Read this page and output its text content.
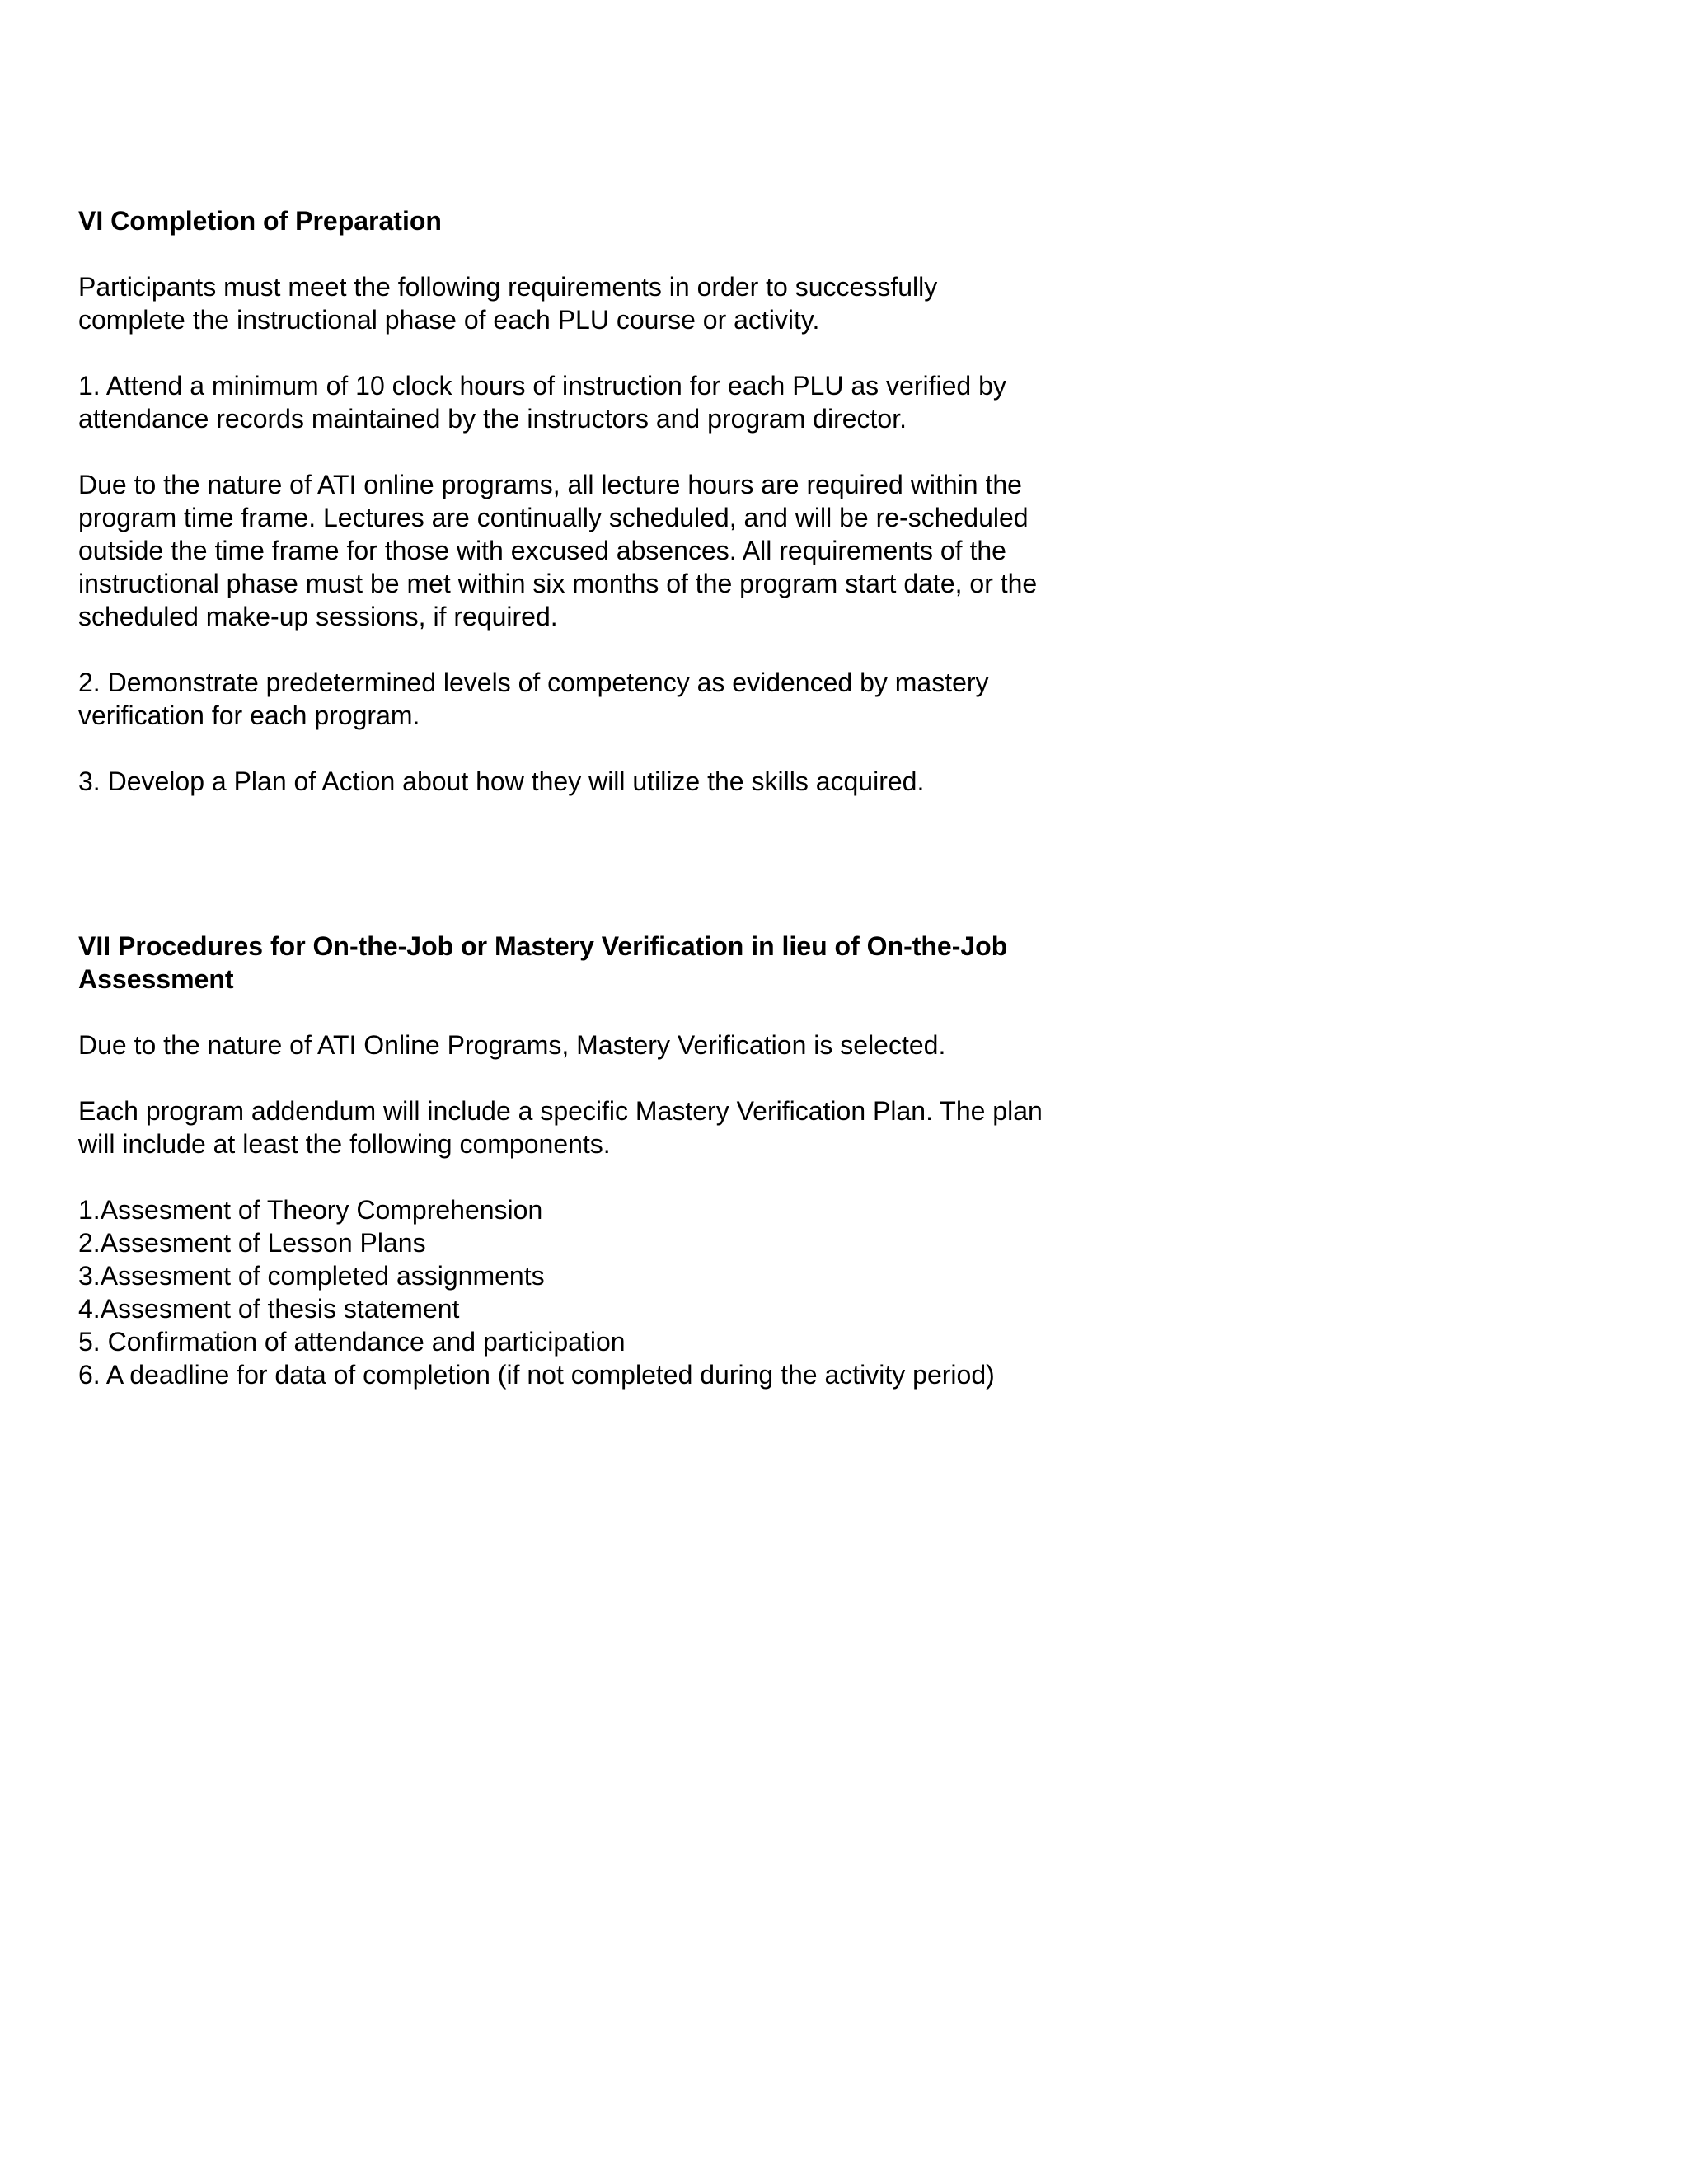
VI Completion of Preparation

Participants must meet the following requirements in order to successfully complete the instructional phase of each PLU course or activity.

1. Attend a minimum of 10 clock hours of instruction for each PLU as verified by attendance records maintained by the instructors and program director.

Due to the nature of ATI online programs, all lecture hours are required within the program time frame. Lectures are continually scheduled, and will be re-scheduled outside the time frame for those with excused absences. All requirements of the instructional phase must be met within six months of the program start date, or the scheduled make-up sessions, if required.

2. Demonstrate predetermined levels of competency as evidenced by mastery verification for each program.

3. Develop a Plan of Action about how they will utilize the skills acquired.

VII Procedures for On-the-Job or Mastery Verification in lieu of On-the-Job Assessment

Due to the nature of ATI Online Programs, Mastery Verification is selected.

Each program addendum will include a specific Mastery Verification Plan. The plan will include at least the following components.

1.Assesment of Theory Comprehension
2.Assesment of Lesson Plans
3.Assesment of completed assignments
4.Assesment of thesis statement
5. Confirmation of attendance and participation
6. A deadline for data of completion (if not completed during the activity period)
